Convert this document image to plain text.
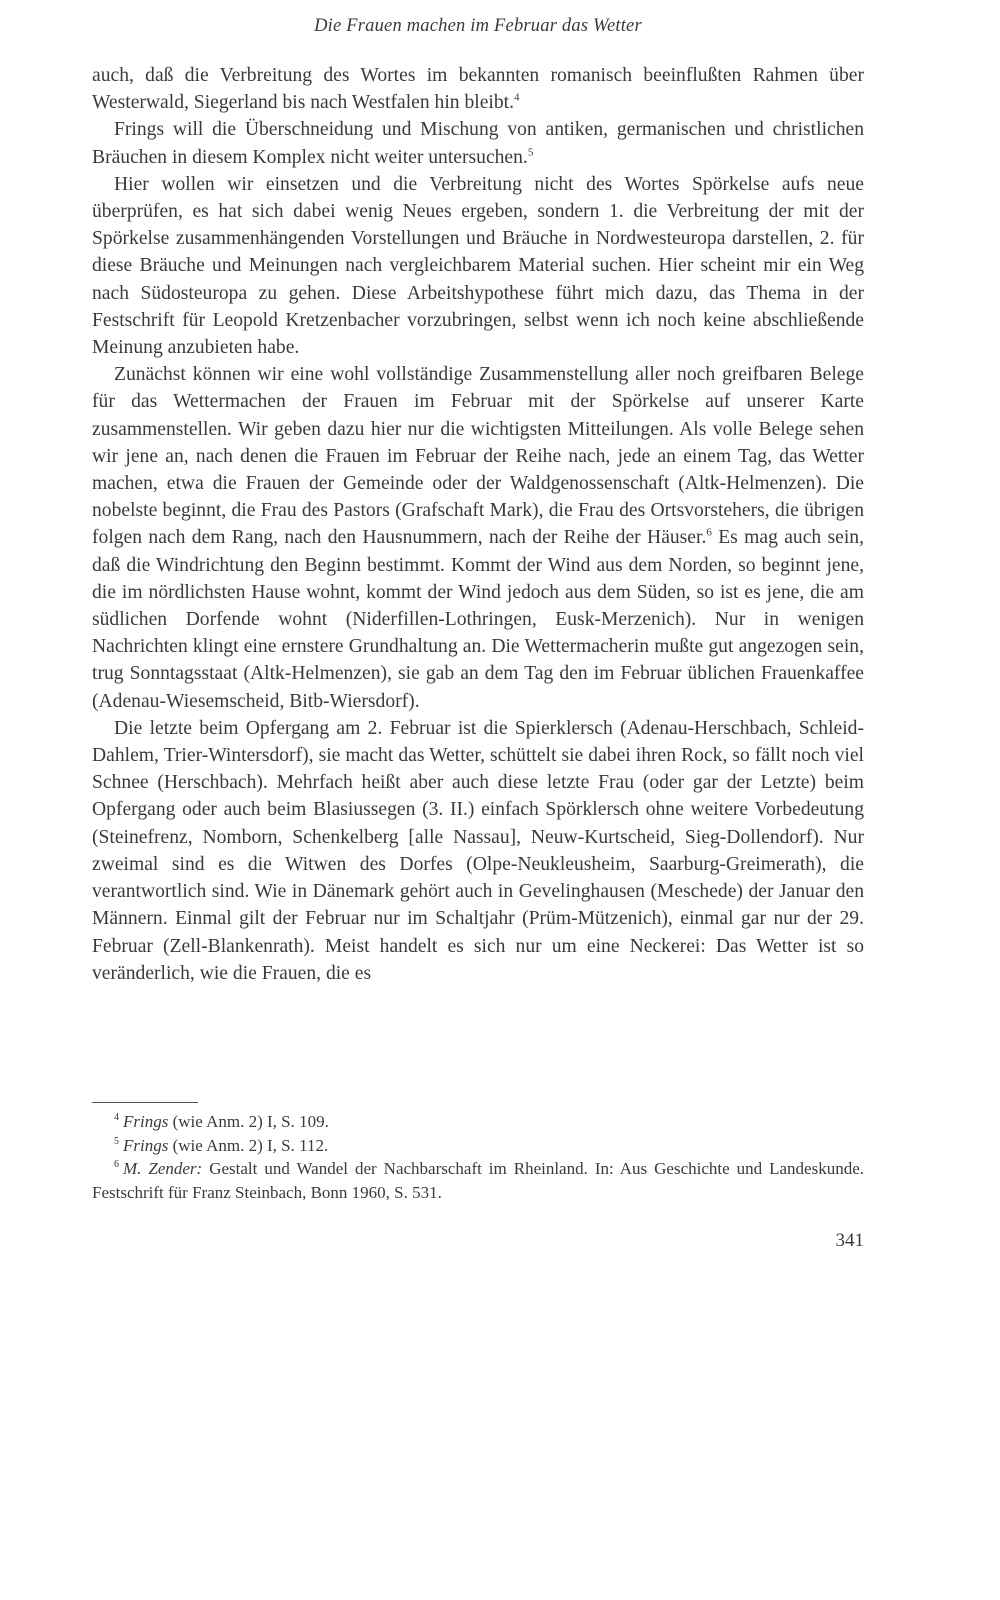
Die Frauen machen im Februar das Wetter

auch, daß die Verbreitung des Wortes im bekannten romanisch beeinflußten Rahmen über Westerwald, Siegerland bis nach Westfalen hin bleibt.$^4$

Frings will die Überschneidung und Mischung von antiken, germanischen und christlichen Bräuchen in diesem Komplex nicht weiter untersuchen.$^5$

Hier wollen wir einsetzen und die Verbreitung nicht des Wortes Spörkelse aufs neue überprüfen, es hat sich dabei wenig Neues ergeben, sondern 1. die Verbreitung der mit der Spörkelse zusammenhängenden Vorstellungen und Bräuche in Nordwesteuropa darstellen, 2. für diese Bräuche und Meinungen nach vergleichbarem Material suchen. Hier scheint mir ein Weg nach Südosteuropa zu gehen. Diese Arbeitshypothese führt mich dazu, das Thema in der Festschrift für Leopold Kretzenbacher vorzubringen, selbst wenn ich noch keine abschließende Meinung anzubieten habe.

Zunächst können wir eine wohl vollständige Zusammenstellung aller noch greifbaren Belege für das Wettermachen der Frauen im Februar mit der Spörkelse auf unserer Karte zusammenstellen. Wir geben dazu hier nur die wichtigsten Mitteilungen. Als volle Belege sehen wir jene an, nach denen die Frauen im Februar der Reihe nach, jede an einem Tag, das Wetter machen, etwa die Frauen der Gemeinde oder der Waldgenossenschaft (Altk-Helmenzen). Die nobelste beginnt, die Frau des Pastors (Grafschaft Mark), die Frau des Ortsvorstehers, die übrigen folgen nach dem Rang, nach den Hausnummern, nach der Reihe der Häuser.$^6$ Es mag auch sein, daß die Windrichtung den Beginn bestimmt. Kommt der Wind aus dem Norden, so beginnt jene, die im nördlichsten Hause wohnt, kommt der Wind jedoch aus dem Süden, so ist es jene, die am südlichen Dorfende wohnt (Niderfillen-Lothringen, Eusk-Merzenich). Nur in wenigen Nachrichten klingt eine ernstere Grundhaltung an. Die Wettermacherin mußte gut angezogen sein, trug Sonntagsstaat (Altk-Helmenzen), sie gab an dem Tag den im Februar üblichen Frauenkaffee (Adenau-Wiesemscheid, Bitb-Wiersdorf).

Die letzte beim Opfergang am 2. Februar ist die Spierklersch (Adenau-Herschbach, Schleid-Dahlem, Trier-Wintersdorf), sie macht das Wetter, schüttelt sie dabei ihren Rock, so fällt noch viel Schnee (Herschbach). Mehrfach heißt aber auch diese letzte Frau (oder gar der Letzte) beim Opfergang oder auch beim Blasiussegen (3. II.) einfach Spörklersch ohne weitere Vorbedeutung (Steinefrenz, Nomborn, Schenkelberg [alle Nassau], Neuw-Kurtscheid, Sieg-Dollendorf). Nur zweimal sind es die Witwen des Dorfes (Olpe-Neukleusheim, Saarburg-Greimerath), die verantwortlich sind. Wie in Dänemark gehört auch in Gevelinghausen (Meschede) der Januar den Männern. Einmal gilt der Februar nur im Schaltjahr (Prüm-Mützenich), einmal gar nur der 29. Februar (Zell-Blankenrath). Meist handelt es sich nur um eine Neckerei: Das Wetter ist so veränderlich, wie die Frauen, die es

$^4$ Frings (wie Anm. 2) I, S. 109.

$^5$ Frings (wie Anm. 2) I, S. 112.

$^6$ M. Zender: Gestalt und Wandel der Nachbarschaft im Rheinland. In: Aus Geschichte und Landeskunde. Festschrift für Franz Steinbach, Bonn 1960, S. 531.

341
